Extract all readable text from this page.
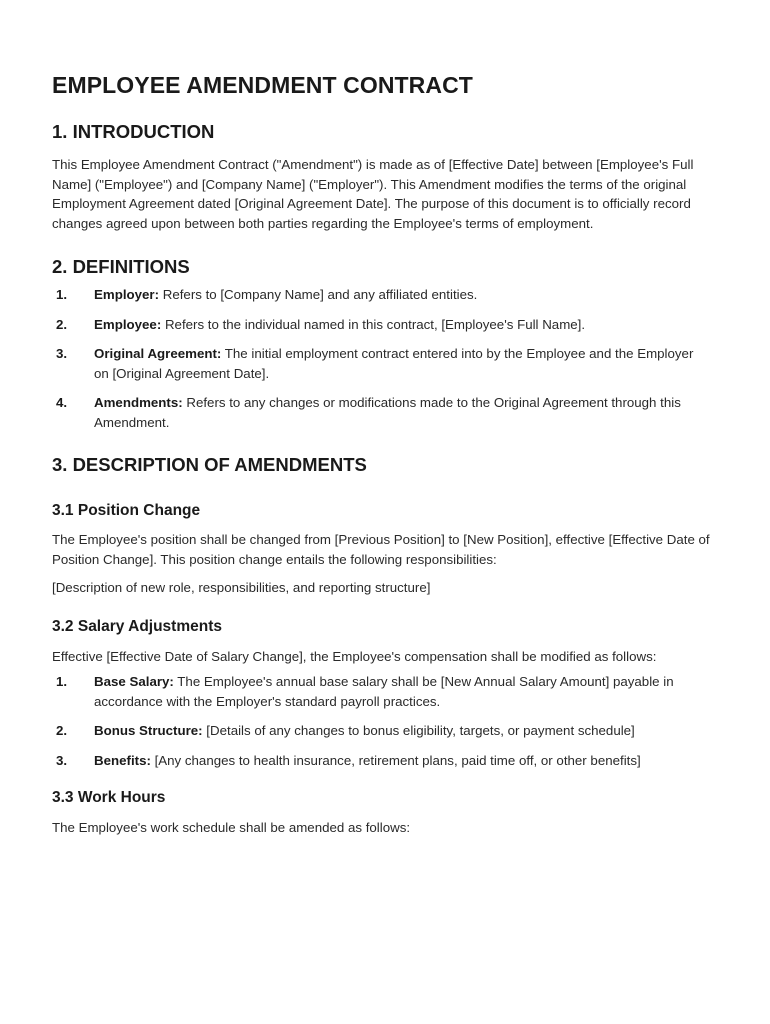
EMPLOYEE AMENDMENT CONTRACT
1. INTRODUCTION

This Employee Amendment Contract ("Amendment") is made as of [Effective Date] between [Employee's Full Name] ("Employee") and [Company Name] ("Employer"). This Amendment modifies the terms of the original Employment Agreement dated [Original Agreement Date]. The purpose of this document is to officially record changes agreed upon between both parties regarding the Employee's terms of employment.

2. DEFINITIONS
1.	Employer: Refers to [Company Name] and any affiliated entities.
2.	Employee: Refers to the individual named in this contract, [Employee's Full Name].
3.	Original Agreement: The initial employment contract entered into by the Employee and the Employer on [Original Agreement Date].
4.	Amendments: Refers to any changes or modifications made to the Original Agreement through this Amendment.
3. DESCRIPTION OF AMENDMENTS
3.1 Position Change

The Employee's position shall be changed from [Previous Position] to [New Position], effective [Effective Date of Position Change]. This position change entails the following responsibilities:

[Description of new role, responsibilities, and reporting structure]

3.2 Salary Adjustments

Effective [Effective Date of Salary Change], the Employee's compensation shall be modified as follows:

1.	Base Salary: The Employee's annual base salary shall be [New Annual Salary Amount] payable in accordance with the Employer's standard payroll practices.
2.	Bonus Structure: [Details of any changes to bonus eligibility, targets, or payment schedule]
3.	Benefits: [Any changes to health insurance, retirement plans, paid time off, or other benefits]
3.3 Work Hours

The Employee's work schedule shall be amended as follows:
